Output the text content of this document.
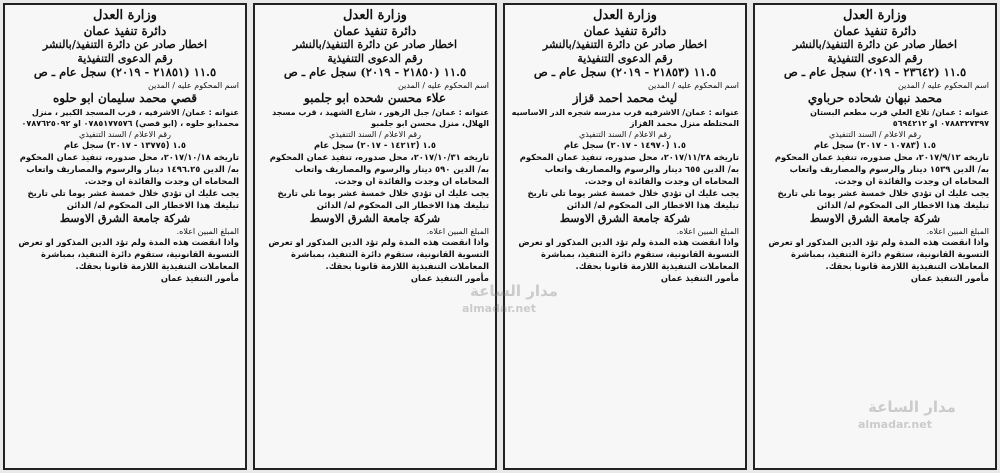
وزارة العدل
دائرة تنفيذ عمان
اخطار صادر عن دائرة التنفيذ/بالنشر
رقم الدعوى التنفيذية
١١.٥ (٢٣٦٤٢ - ٢٠١٩) سجل عام ـ ص
اسم المحكوم عليه / المدين
محمد نبهان شحاده حرباوي
عنوانه : عمان/ تلاع العلي قرب مطعم البستان ٠٧٨٨٣٢٧٣٩٧ او ٥٦٩٤٢١٢
رقم الاعلام / السند التنفيذي
١.٥ (١٠٧٨٣ - ٢٠١٧) سجل عام
تاريخه ٢٠١٧/٩/١٢، محل صدوره، تنفيذ عمان المحكوم به/ الدين ١٥٣٩ دينار والرسوم والمصاريف واتعاب المحاماه ان وجدت والفائدة ان وجدت.
يجب عليك ان تؤدي خلال خمسة عشر يوما تلي تاريخ تبليغك هذا الاخطار الى المحكوم له/ الدائن
شركة جامعة الشرق الاوسط
المبلغ المبين اعلاه.
واذا انقضت هذه المدة ولم تؤد الدين المذكور او تعرض التسوية القانونية، ستقوم دائرة التنفيذ، بمباشرة المعاملات التنفيذية اللازمة قانونا بحقك.
مأمور التنفيذ عمان
وزارة العدل
دائرة تنفيذ عمان
اخطار صادر عن دائرة التنفيذ/بالنشر
رقم الدعوى التنفيذية
١١.٥ (٢١٨٥٣ - ٢٠١٩) سجل عام ـ ص
اسم المحكوم عليه / المدين
ليث محمد احمد قزاز
عنوانه : عمان/ الاشرفيه قرب مدرسه شجره الدر الاساسيه المختلطه منزل محمد القزاز
رقم الاعلام / السند التنفيذي
١.٥ (١٤٩٧٠ - ٢٠١٧) سجل عام
تاريخه ٢٠١٧/١١/٢٨، محل صدوره، تنفيذ عمان المحكوم به/ الدين ٦٥٥ دينار والرسوم والمصاريف واتعاب المحاماه ان وجدت والفائدة ان وجدت.
يجب عليك ان تؤدي خلال خمسة عشر يوما تلي تاريخ تبليغك هذا الاخطار الى المحكوم له/ الدائن
شركة جامعة الشرق الاوسط
المبلغ المبين اعلاه.
واذا انقضت هذه المدة ولم تؤد الدين المذكور او تعرض التسوية القانونية، ستقوم دائرة التنفيذ، بمباشرة المعاملات التنفيذية اللازمة قانونا بحقك.
مأمور التنفيذ عمان
وزارة العدل
دائرة تنفيذ عمان
اخطار صادر عن دائرة التنفيذ/بالنشر
رقم الدعوى التنفيذية
١١.٥ (٢١٨٥٠ - ٢٠١٩) سجل عام ـ ص
اسم المحكوم عليه / المدين
علاء محسن شحده ابو جلمبو
عنوانه : عمان/ جبل الزهور ، شارع الشهيد ، قرب مسجد الهلال، منزل محسن ابو جلمبو
رقم الاعلام / السند التنفيذي
١.٥ (١٤٢١٢ - ٢٠١٧) سجل عام
تاريخه ٢٠١٧/١٠/٣١، محل صدوره، تنفيذ عمان المحكوم به/ الدين ٥٩٠ دينار والرسوم والمصاريف واتعاب المحاماه ان وجدت والفائدة ان وجدت.
يجب عليك ان تؤدي خلال خمسة عشر يوما تلي تاريخ تبليغك هذا الاخطار الى المحكوم له/ الدائن
شركة جامعة الشرق الاوسط
المبلغ المبين اعلاه.
واذا انقضت هذه المدة ولم تؤد الدين المذكور او تعرض التسوية القانونية، ستقوم دائرة التنفيذ، بمباشرة المعاملات التنفيذية اللازمة قانونا بحقك.
مأمور التنفيذ عمان
وزارة العدل
دائرة تنفيذ عمان
اخطار صادر عن دائرة التنفيذ/بالنشر
رقم الدعوى التنفيذية
١١.٥ (٢١٨٥١ - ٢٠١٩) سجل عام ـ ص
اسم المحكوم عليه / المدين
قصي محمد سليمان ابو حلوه
عنوانه : عمان/ الاشرفيه ، قرب المسجد الكبير ، منزل محمدابو حلوه ، (ابو قصي) ٠٧٨٥١٧٧٥٧٦ او ٠٧٨٧٦٢٥٠٩٢
رقم الاعلام / السند التنفيذي
١.٥ (١٣٧٧٥ - ٢٠١٧) سجل عام
تاريخه ٢٠١٧/١٠/١٨، محل صدوره، تنفيذ عمان المحكوم به/ الدين ١٤٩٦.٢٥ دينار والرسوم والمصاريف واتعاب المحاماه ان وجدت والفائدة ان وجدت.
يجب عليك ان تؤدي خلال خمسة عشر يوما تلي تاريخ تبليغك هذا الاخطار الى المحكوم له/ الدائن
شركة جامعة الشرق الاوسط
المبلغ المبين اعلاه.
واذا انقضت هذه المدة ولم تؤد الدين المذكور او تعرض التسوية القانونية، ستقوم دائرة التنفيذ، بمباشرة المعاملات التنفيذية اللازمة قانونا بحقك.
مأمور التنفيذ عمان
مدار الساعة
almadar.net
مدار الساعة
almadar.net
